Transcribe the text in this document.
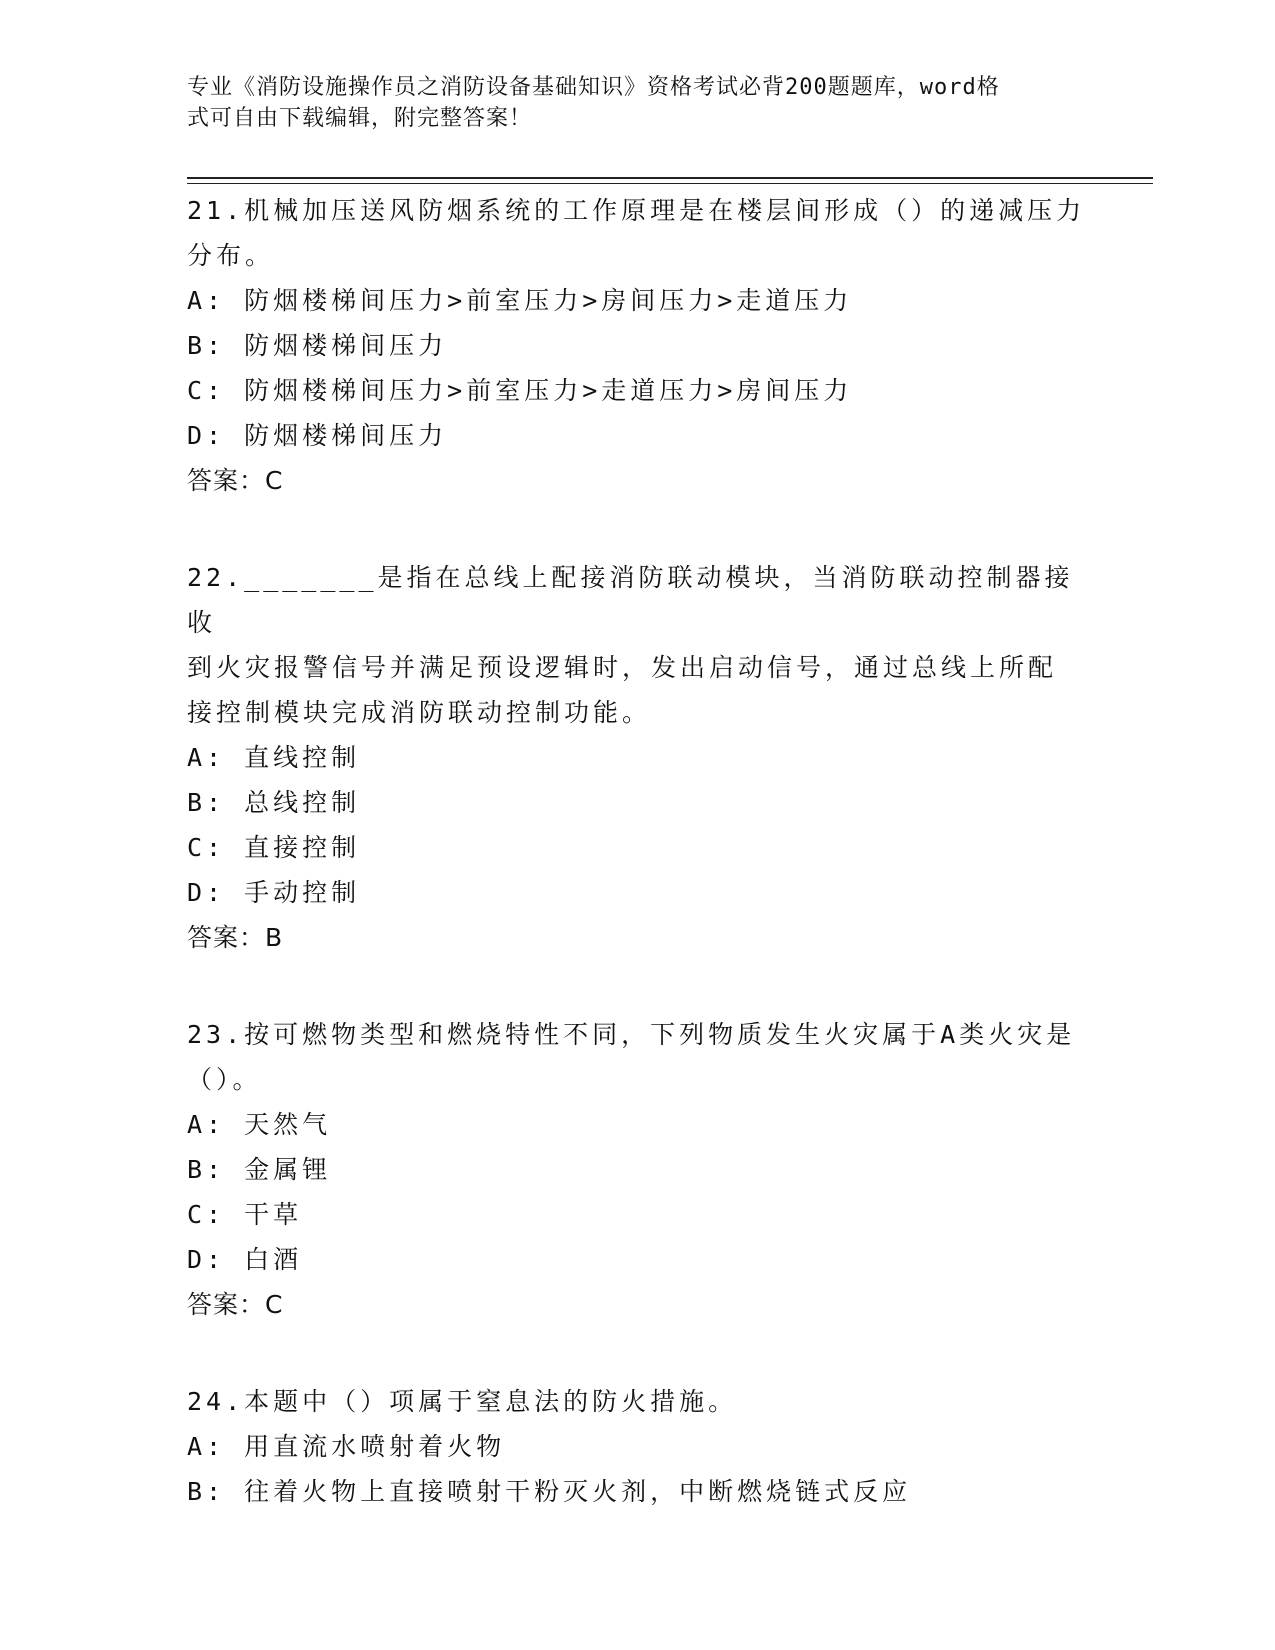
专业《消防设施操作员之消防设备基础知识》资格考试必背200题题库，word格
式可自由下载编辑，附完整答案！
21.机械加压送风防烟系统的工作原理是在楼层间形成（）的递减压力
分布。
A: 防烟楼梯间压力>前室压力>房间压力>走道压力
B: 防烟楼梯间压力
C: 防烟楼梯间压力>前室压力>走道压力>房间压力
D: 防烟楼梯间压力
答案：C
22._______是指在总线上配接消防联动模块，当消防联动控制器接收
到火灾报警信号并满足预设逻辑时，发出启动信号，通过总线上所配
接控制模块完成消防联动控制功能。
A: 直线控制
B: 总线控制
C: 直接控制
D: 手动控制
答案：B
23.按可燃物类型和燃烧特性不同，下列物质发生火灾属于A类火灾是
（）。
A: 天然气
B: 金属锂
C: 干草
D: 白酒
答案：C
24.本题中（）项属于窒息法的防火措施。
A: 用直流水喷射着火物
B: 往着火物上直接喷射干粉灭火剂，中断燃烧链式反应
